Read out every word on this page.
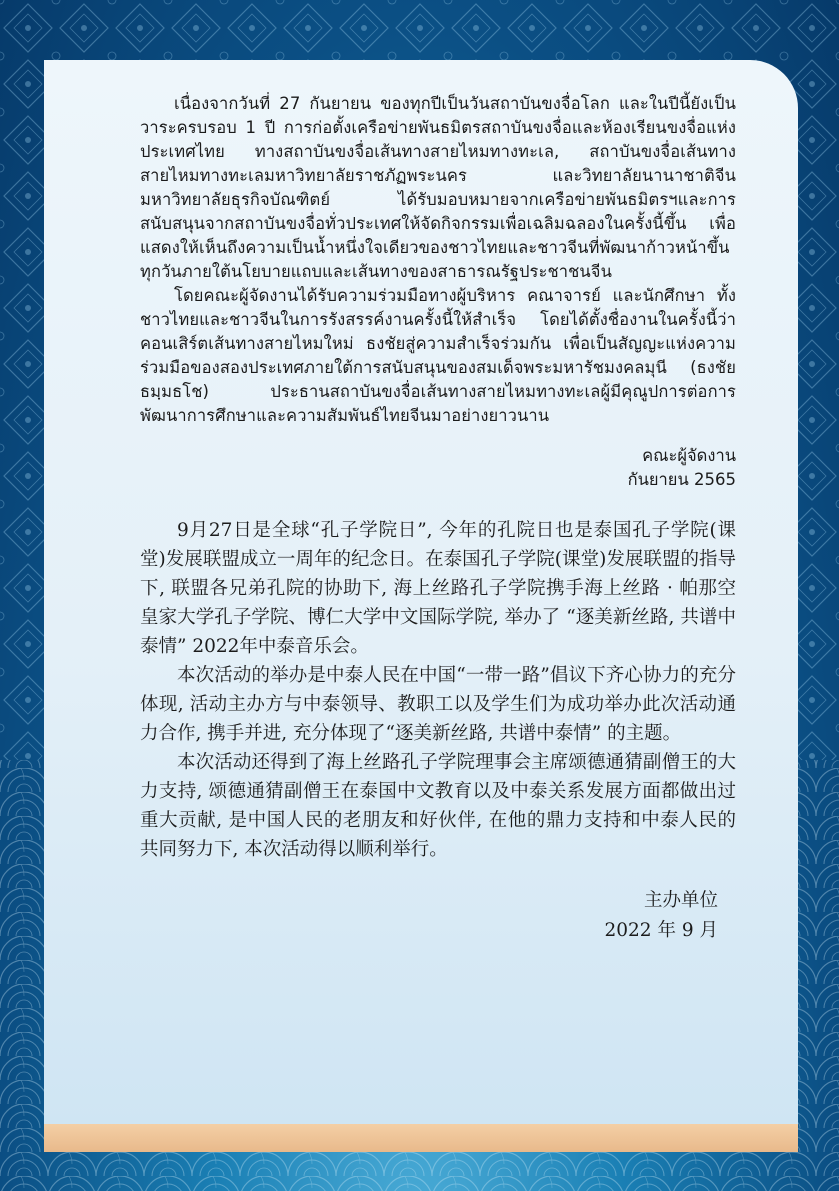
เนื่องจากวันที่ 27 กันยายน ของทุกปีเป็นวันสถาบันขงจื่อโลก และในปีนี้ยังเป็นวาระครบรอบ 1 ปี การก่อตั้งเครือข่ายพันธมิตรสถาบันขงจื่อและห้องเรียนขงจื่อแห่งประเทศไทย ทางสถาบันขงจื่อเส้นทางสายไหมทางทะเล, สถาบันขงจื่อเส้นทางสายไหมทางทะเลมหาวิทยาลัยราชภัฏพระนคร และวิทยาลัยนานาชาติจีน มหาวิทยาลัยธุรกิจบัณฑิตย์ ได้รับมอบหมายจากเครือข่ายพันธมิตรฯและการสนับสนุนจากสถาบันขงจื่อทั่วประเทศให้จัดกิจกรรมเพื่อเฉลิมฉลองในครั้งนี้ขึ้น เพื่อแสดงให้เห็นถึงความเป็นน้ำหนึ่งใจเดียวของชาวไทยและชาวจีนที่พัฒนาก้าวหน้าขึ้นทุกวันภายใต้นโยบายแถบและเส้นทางของสาธารณรัฐประชาชนจีน

โดยคณะผู้จัดงานได้รับความร่วมมือทางผู้บริหาร คณาจารย์ และนักศึกษา ทั้งชาวไทยและชาวจีนในการรังสรรค์งานครั้งนี้ให้สำเร็จ โดยได้ตั้งชื่องานในครั้งนี้ว่า คอนเสิร์ตเส้นทางสายไหมใหม่ ธงชัยสู่ความสำเร็จร่วมกัน เพื่อเป็นสัญญะแห่งความร่วมมือของสองประเทศภายใต้การสนับสนุนของสมเด็จพระมหารัชมงคลมุนี (ธงชัย ธมฺมธโช) ประธานสถาบันขงจื่อเส้นทางสายไหมทางทะเลผู้มีคุณูปการต่อการพัฒนาการศึกษาและความสัมพันธ์ไทยจีนมาอย่างยาวนาน

คณะผู้จัดงาน
กันยายน 2565

9月27日是全球“孔子学院日”, 今年的孔院日也是泰国孔子学院(课堂)发展联盟成立一周年的纪念日。在泰国孔子学院(课堂)发展联盟的指导下, 联盟各兄弟孔院的协助下, 海上丝路孔子学院携手海上丝路 · 帕那空皇家大学孔子学院、博仁大学中文国际学院, 举办了 “逐美新丝路, 共谱中泰情” 2022年中泰音乐会。

本次活动的举办是中泰人民在中国“一带一路”倡议下齐心协力的充分体现, 活动主办方与中泰领导、教职工以及学生们为成功举办此次活动通力合作, 携手并进, 充分体现了“逐美新丝路, 共谱中泰情” 的主题。

本次活动还得到了海上丝路孔子学院理事会主席颂德通猜副僧王的大力支持, 颂德通猜副僧王在泰国中文教育以及中泰关系发展方面都做出过重大贡献, 是中国人民的老朋友和好伙伴, 在他的鼎力支持和中泰人民的共同努力下, 本次活动得以顺利举行。

主办单位
2022 年 9 月
